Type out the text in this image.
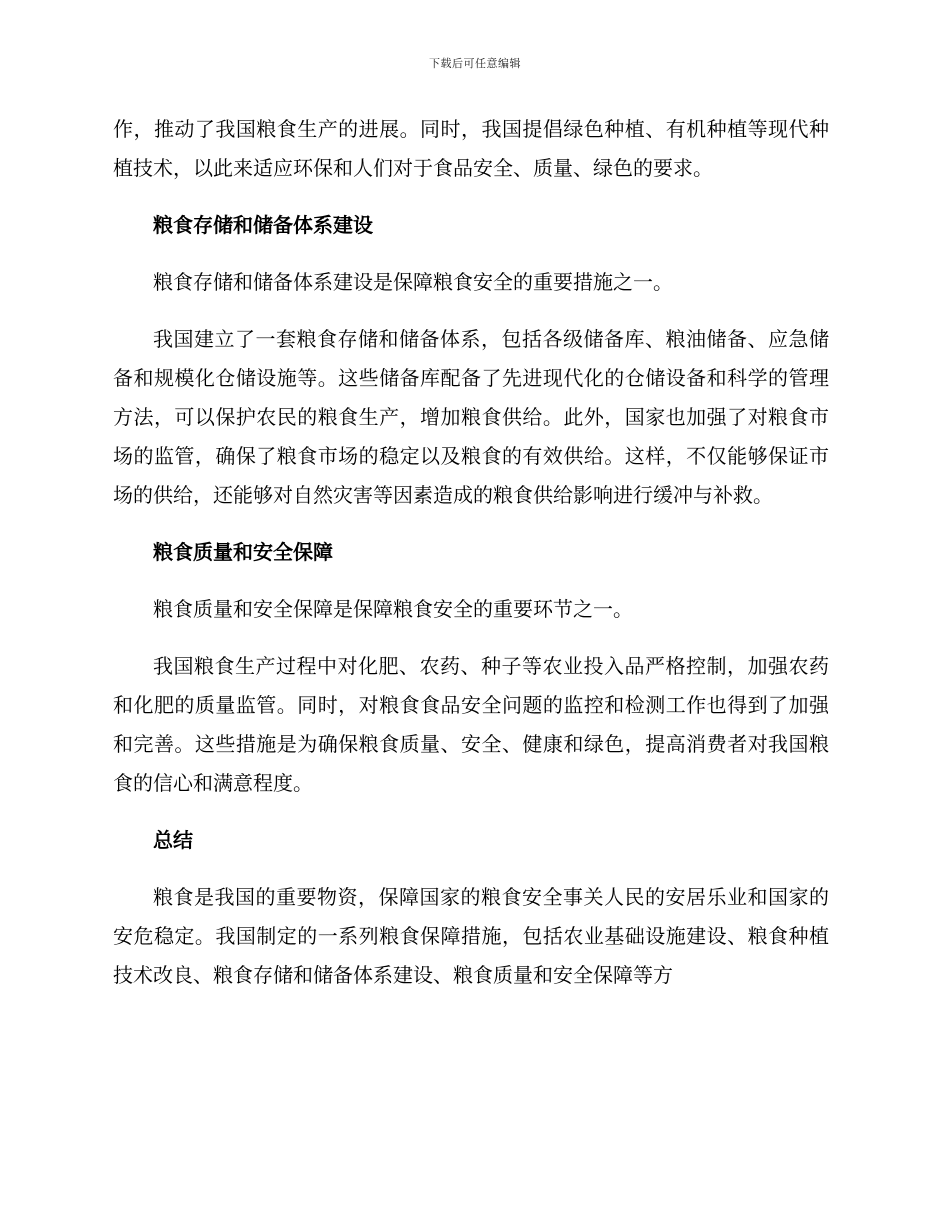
下载后可任意编辑

作，推动了我国粮食生产的进展。同时，我国提倡绿色种植、有机种植等现代种植技术，以此来适应环保和人们对于食品安全、质量、绿色的要求。

粮食存储和储备体系建设

粮食存储和储备体系建设是保障粮食安全的重要措施之一。

我国建立了一套粮食存储和储备体系，包括各级储备库、粮油储备、应急储备和规模化仓储设施等。这些储备库配备了先进现代化的仓储设备和科学的管理方法，可以保护农民的粮食生产，增加粮食供给。此外，国家也加强了对粮食市场的监管，确保了粮食市场的稳定以及粮食的有效供给。这样，不仅能够保证市场的供给，还能够对自然灾害等因素造成的粮食供给影响进行缓冲与补救。

粮食质量和安全保障

粮食质量和安全保障是保障粮食安全的重要环节之一。

我国粮食生产过程中对化肥、农药、种子等农业投入品严格控制，加强农药和化肥的质量监管。同时，对粮食食品安全问题的监控和检测工作也得到了加强和完善。这些措施是为确保粮食质量、安全、健康和绿色，提高消费者对我国粮食的信心和满意程度。

总结

粮食是我国的重要物资，保障国家的粮食安全事关人民的安居乐业和国家的安危稳定。我国制定的一系列粮食保障措施，包括农业基础设施建设、粮食种植技术改良、粮食存储和储备体系建设、粮食质量和安全保障等方
